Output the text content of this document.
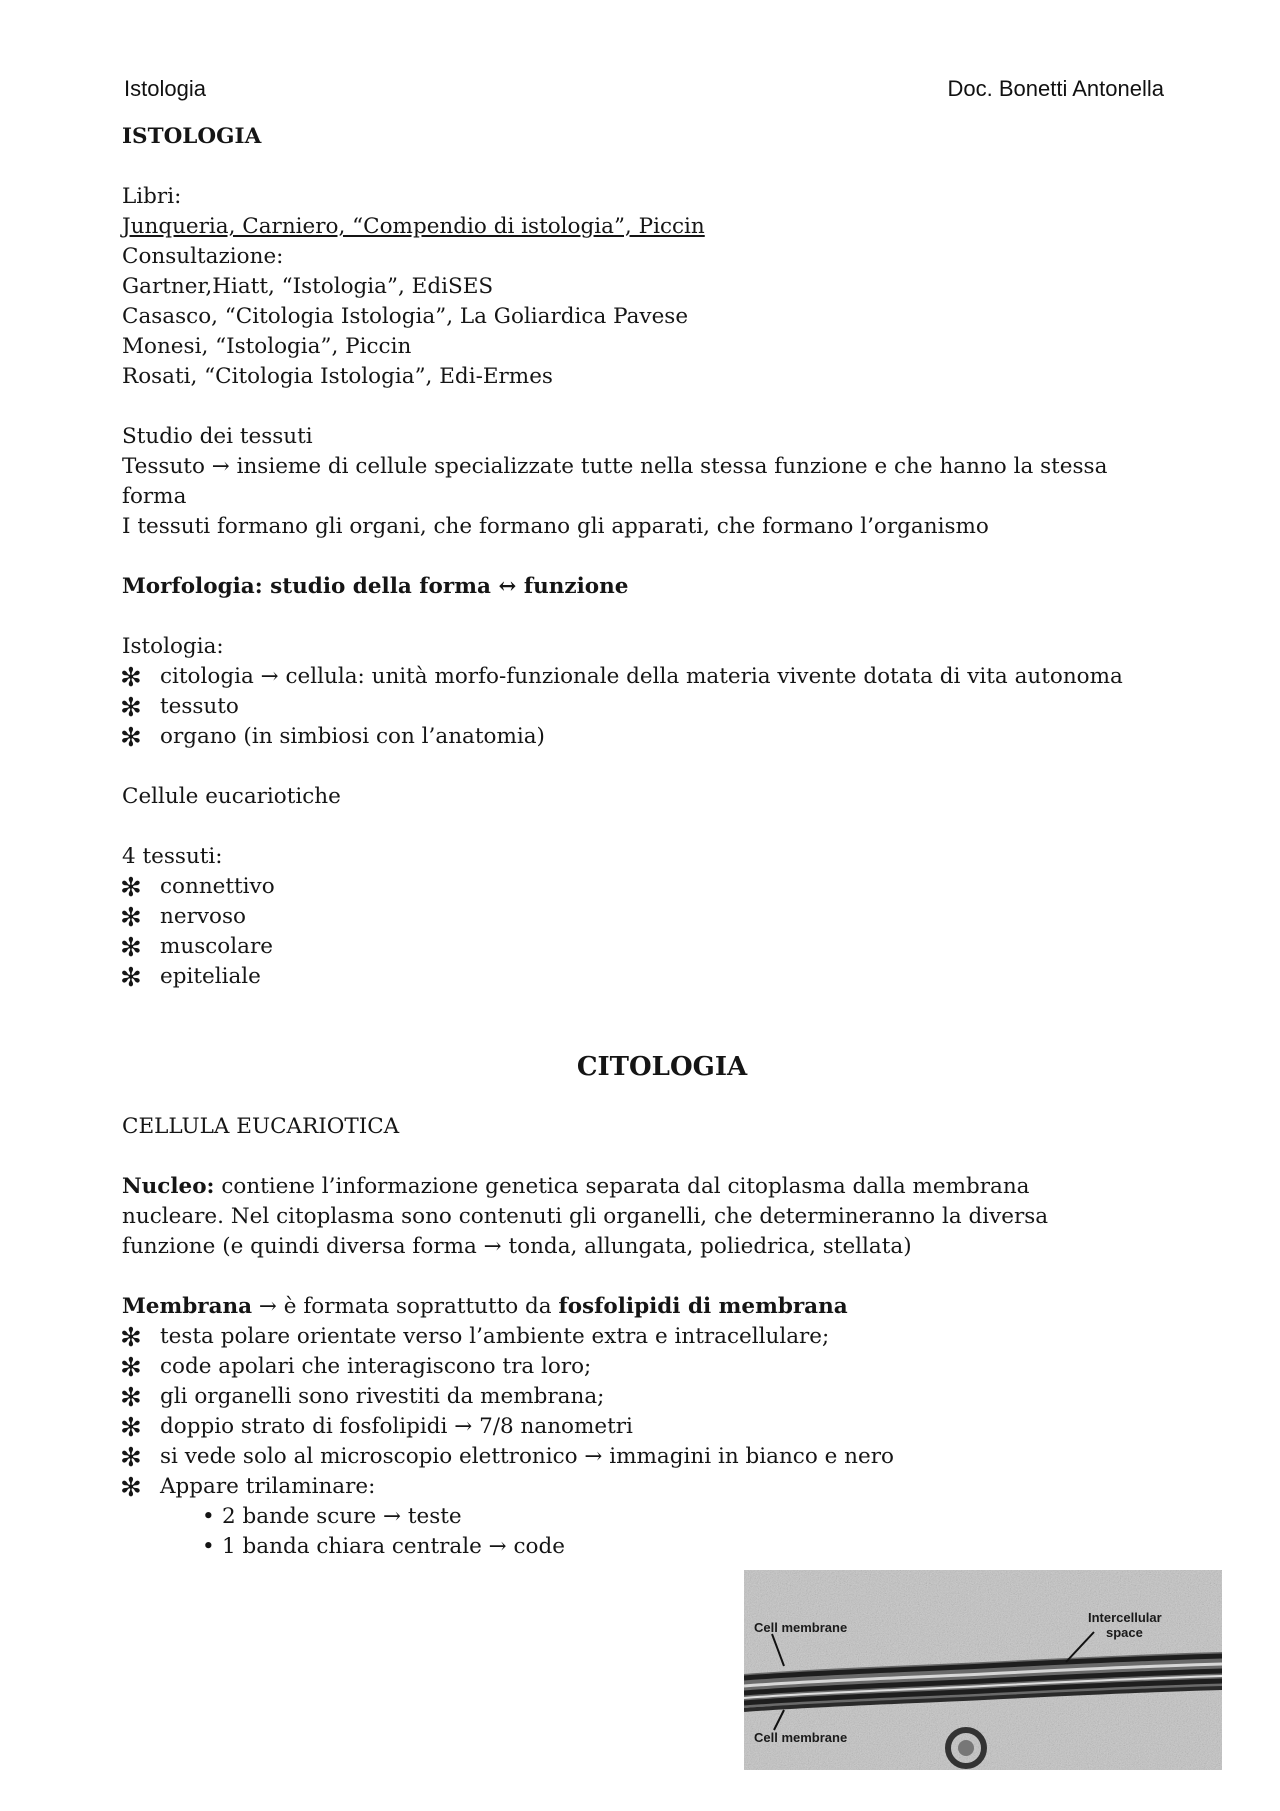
Istologia	Doc. Bonetti Antonella
ISTOLOGIA
Libri:
Junqueria, Carniero, “Compendio di istologia”, Piccin
Consultazione:
Gartner,Hiatt, “Istologia”, EdiSES
Casasco, “Citologia Istologia”, La Goliardica Pavese
Monesi, “Istologia”, Piccin
Rosati, “Citologia Istologia”, Edi-Ermes
Studio dei tessuti
Tessuto → insieme di cellule specializzate tutte nella stessa funzione e che hanno la stessa
forma
I tessuti formano gli organi, che formano gli apparati, che formano l’organismo
Morfologia: studio della forma ↔ funzione
Istologia:
✻ citologia → cellula: unità morfo-funzionale della materia vivente dotata di vita autonoma
✻ tessuto
✻ organo (in simbiosi con l’anatomia)
Cellule eucariotiche
4 tessuti:
✻ connettivo
✻ nervoso
✻ muscolare
✻ epiteliale
CITOLOGIA
CELLULA EUCARIOTICA
Nucleo: contiene l’informazione genetica separata dal citoplasma dalla membrana nucleare. Nel citoplasma sono contenuti gli organelli, che determineranno la diversa funzione (e quindi diversa forma → tonda, allungata, poliedrica, stellata)
Membrana → è formata soprattutto da fosfolipidi di membrana
✻ testa polare orientate verso l’ambiente extra e intracellulare;
✻ code apolari che interagiscono tra loro;
✻ gli organelli sono rivestiti da membrana;
✻ doppio strato di fosfolipidi → 7/8 nanometri
✻ si vede solo al microscopio elettronico → immagini in bianco e nero
✻ Appare trilaminare:
• 2 bande scure → teste
• 1 banda chiara centrale → code
Cell membrane
Intercellular
space
Cell membrane
